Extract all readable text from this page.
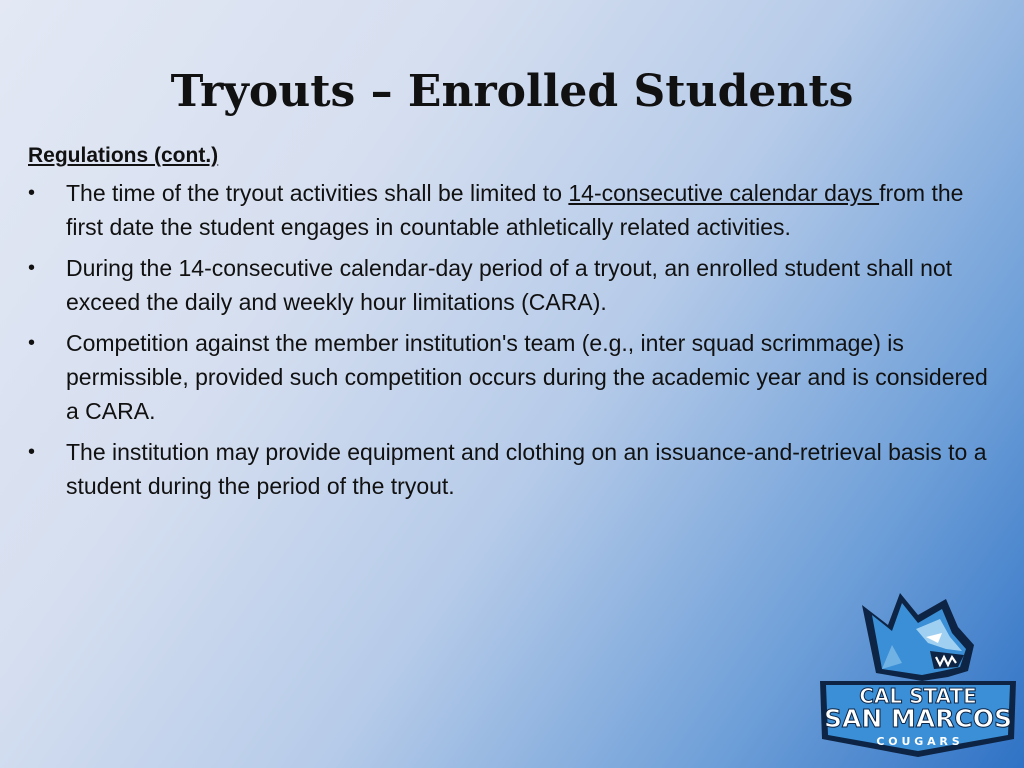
Tryouts – Enrolled Students

Regulations (cont.)

• The time of the tryout activities shall be limited to 14-consecutive calendar days from the first date the student engages in countable athletically related activities.
• During the 14-consecutive calendar-day period of a tryout, an enrolled student shall not exceed the daily and weekly hour limitations (CARA).
• Competition against the member institution's team (e.g., inter squad scrimmage) is permissible, provided such competition occurs during the academic year and is considered a CARA.
• The institution may provide equipment and clothing on an issuance-and-retrieval basis to a student during the period of the tryout.
CAL STATE
SAN MARCOS
C O U G A R S
